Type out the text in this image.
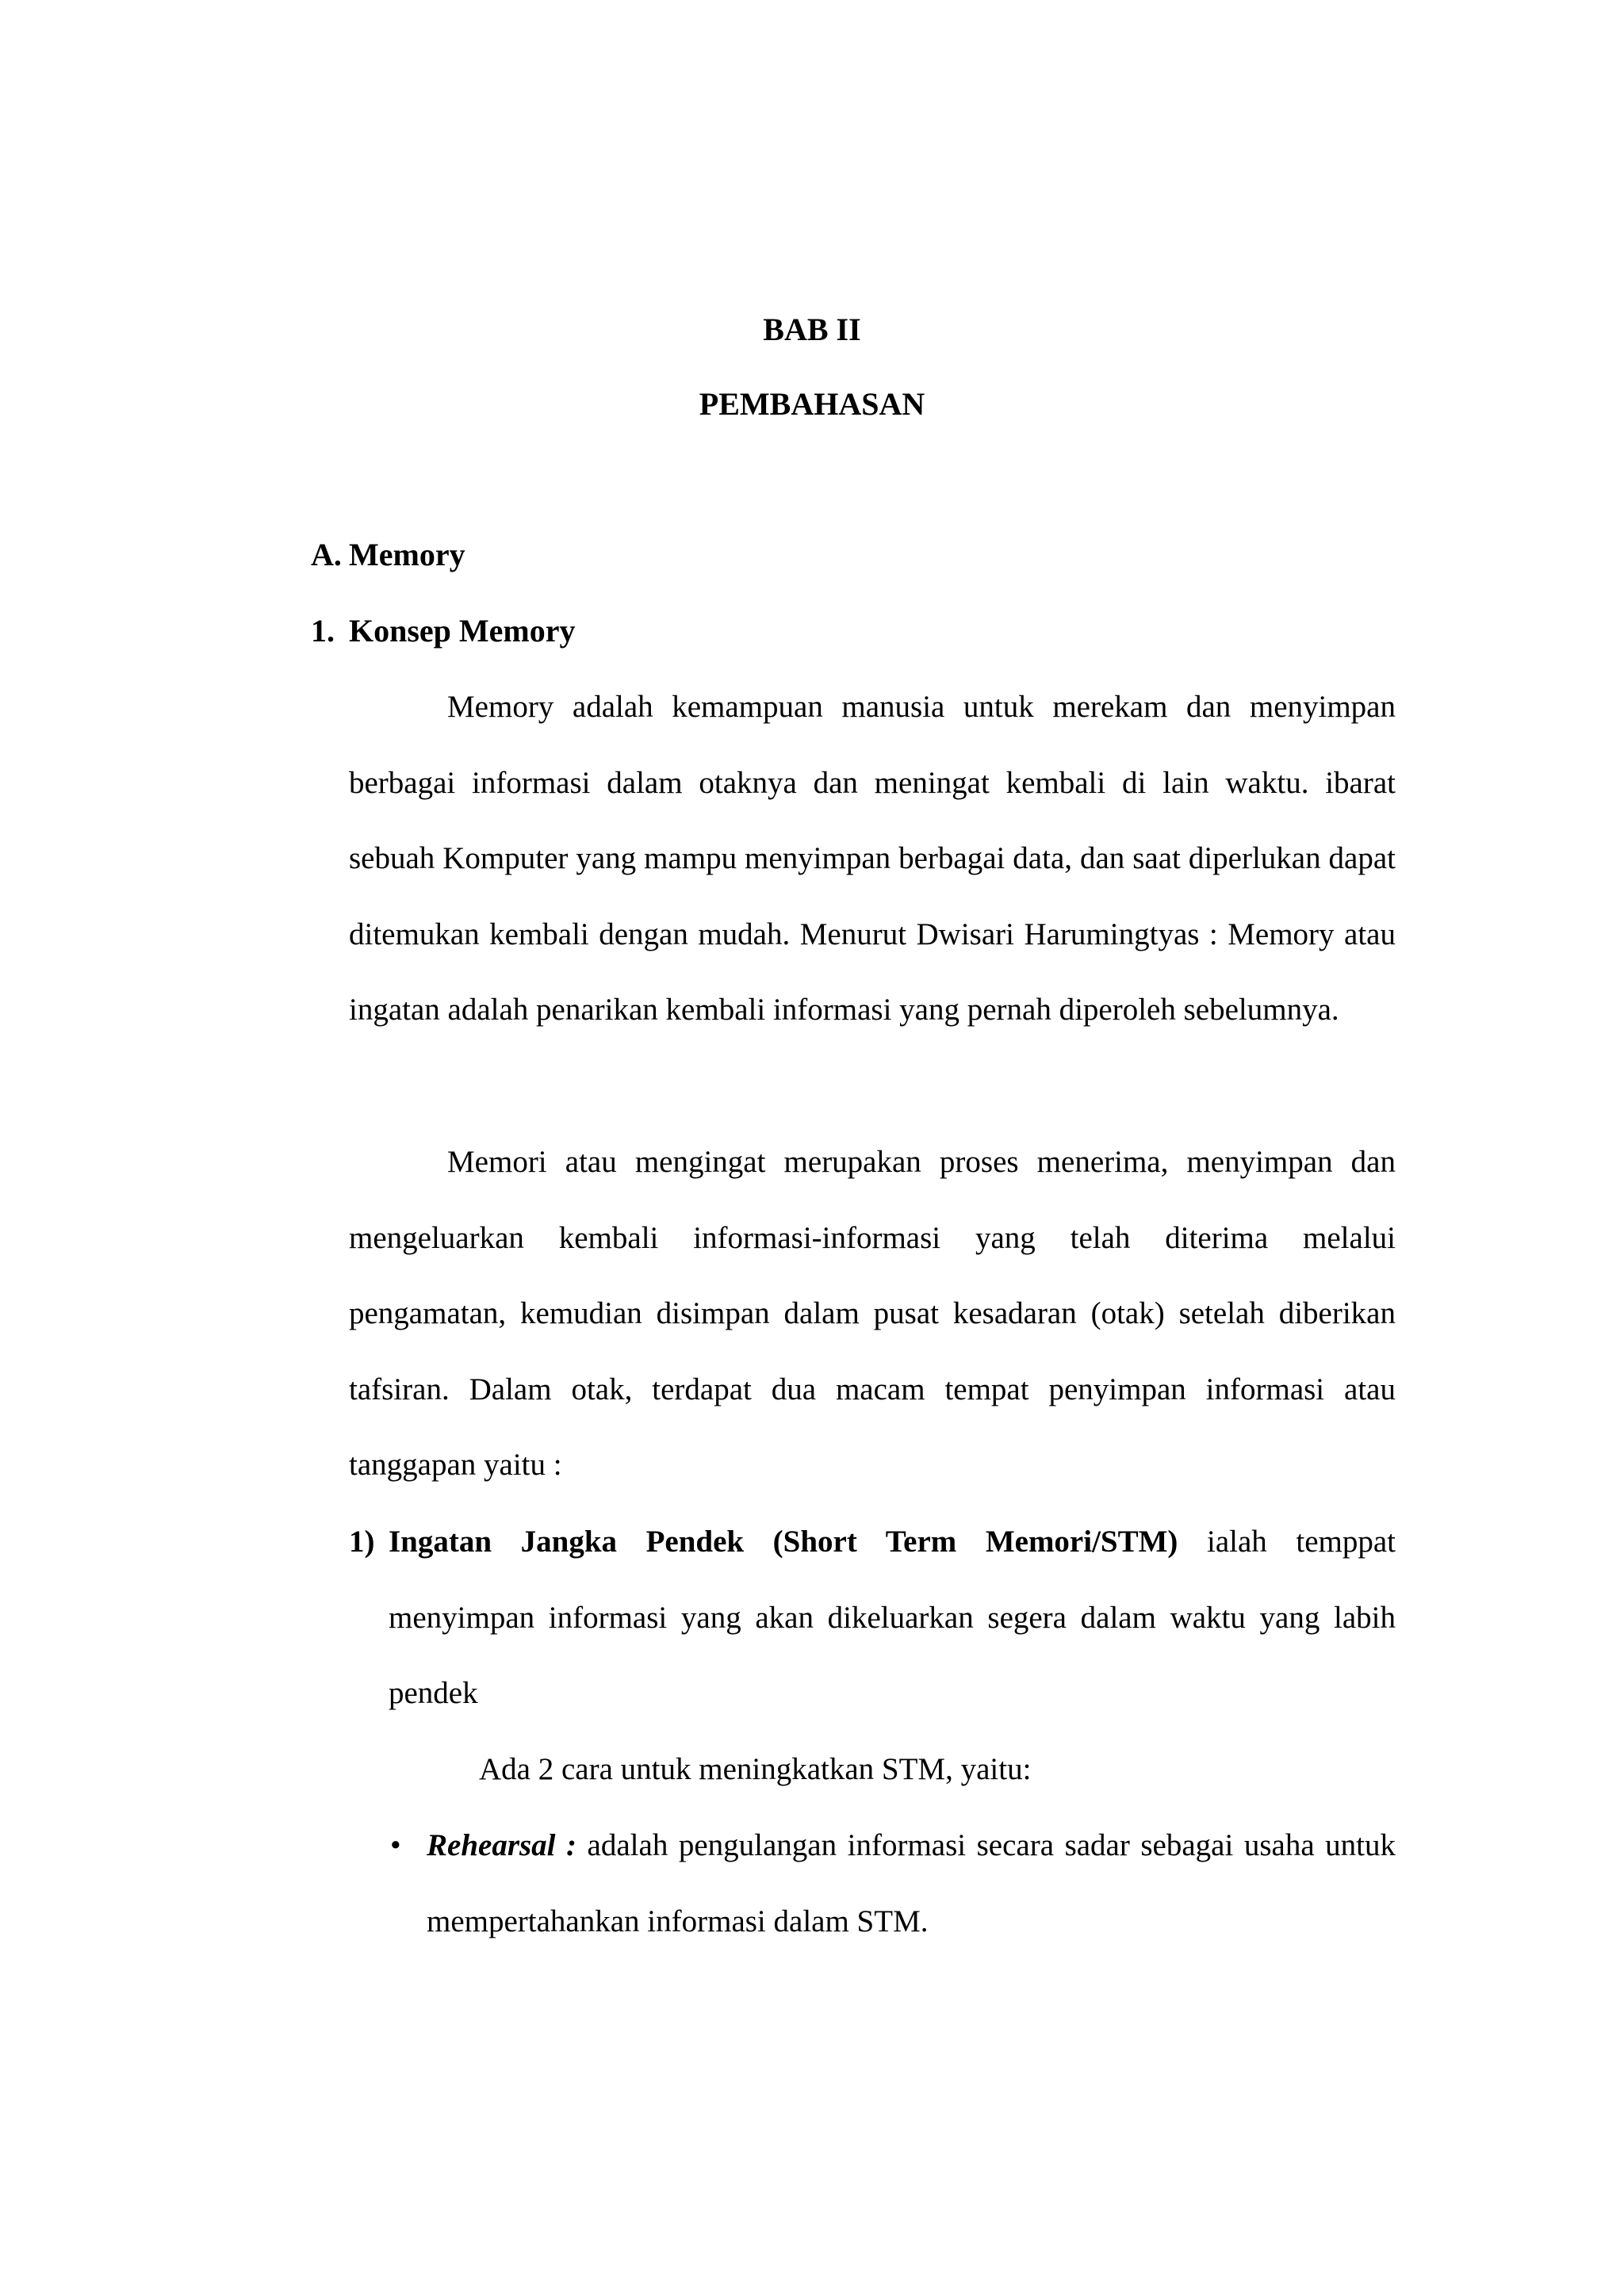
BAB II

PEMBAHASAN

A. Memory

1. Konsep Memory

Memory adalah kemampuan manusia untuk merekam dan menyimpan berbagai informasi dalam otaknya dan meningat kembali di lain waktu. ibarat sebuah Komputer yang mampu menyimpan berbagai data, dan saat diperlukan dapat ditemukan kembali dengan mudah. Menurut Dwisari Harumingtyas : Memory atau ingatan adalah penarikan kembali informasi yang pernah diperoleh sebelumnya.

Memori atau mengingat merupakan proses menerima, menyimpan dan mengeluarkan kembali informasi-informasi yang telah diterima melalui pengamatan, kemudian disimpan dalam pusat kesadaran (otak) setelah diberikan tafsiran. Dalam otak, terdapat dua macam tempat penyimpan informasi atau tanggapan yaitu :

1) Ingatan Jangka Pendek (Short Term Memori/STM) ialah temppat menyimpan informasi yang akan dikeluarkan segera dalam waktu yang labih pendek

Ada 2 cara untuk meningkatkan STM, yaitu:

• Rehearsal : adalah pengulangan informasi secara sadar sebagai usaha untuk mempertahankan informasi dalam STM.
